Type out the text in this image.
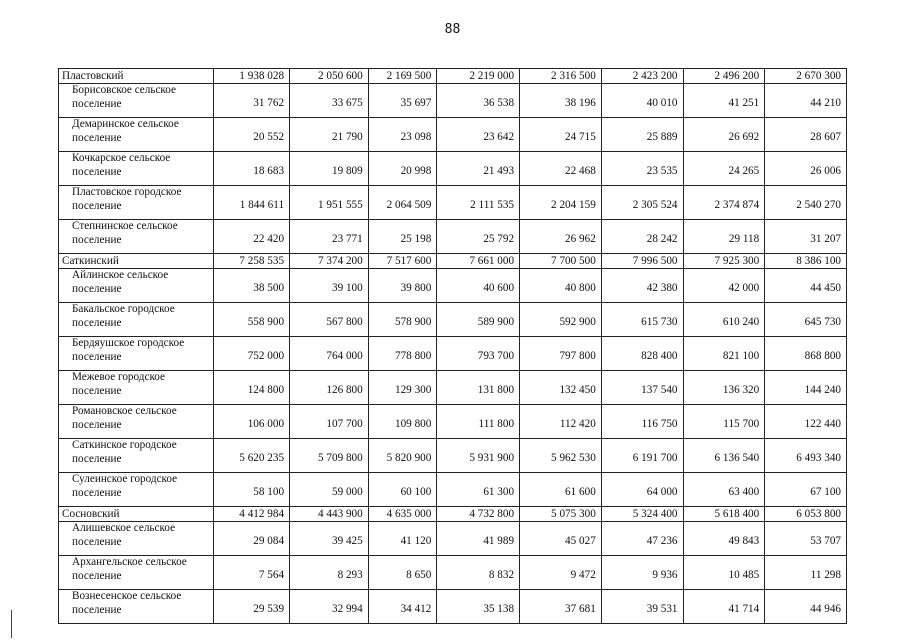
88
Пластовский	1 938 028	2 050 600	2 169 500	2 219 000	2 316 500	2 423 200	2 496 200	2 670 300
Борисовское сельское поселение	31 762	33 675	35 697	36 538	38 196	40 010	41 251	44 210
Демаринское сельское поселение	20 552	21 790	23 098	23 642	24 715	25 889	26 692	28 607
Кочкарское сельское поселение	18 683	19 809	20 998	21 493	22 468	23 535	24 265	26 006
Пластовское городское поселение	1 844 611	1 951 555	2 064 509	2 111 535	2 204 159	2 305 524	2 374 874	2 540 270
Степнинское сельское поселение	22 420	23 771	25 198	25 792	26 962	28 242	29 118	31 207
Саткинский	7 258 535	7 374 200	7 517 600	7 661 000	7 700 500	7 996 500	7 925 300	8 386 100
Айлинское сельское поселение	38 500	39 100	39 800	40 600	40 800	42 380	42 000	44 450
Бакальское городское поселение	558 900	567 800	578 900	589 900	592 900	615 730	610 240	645 730
Бердяушское городское поселение	752 000	764 000	778 800	793 700	797 800	828 400	821 100	868 800
Межевое городское поселение	124 800	126 800	129 300	131 800	132 450	137 540	136 320	144 240
Романовское сельское поселение	106 000	107 700	109 800	111 800	112 420	116 750	115 700	122 440
Саткинское городское поселение	5 620 235	5 709 800	5 820 900	5 931 900	5 962 530	6 191 700	6 136 540	6 493 340
Сулеинское городское поселение	58 100	59 000	60 100	61 300	61 600	64 000	63 400	67 100
Сосновский	4 412 984	4 443 900	4 635 000	4 732 800	5 075 300	5 324 400	5 618 400	6 053 800
Алишевское сельское поселение	29 084	39 425	41 120	41 989	45 027	47 236	49 843	53 707
Архангельское сельское поселение	7 564	8 293	8 650	8 832	9 472	9 936	10 485	11 298
Вознесенское сельское поселение	29 539	32 994	34 412	35 138	37 681	39 531	41 714	44 946
